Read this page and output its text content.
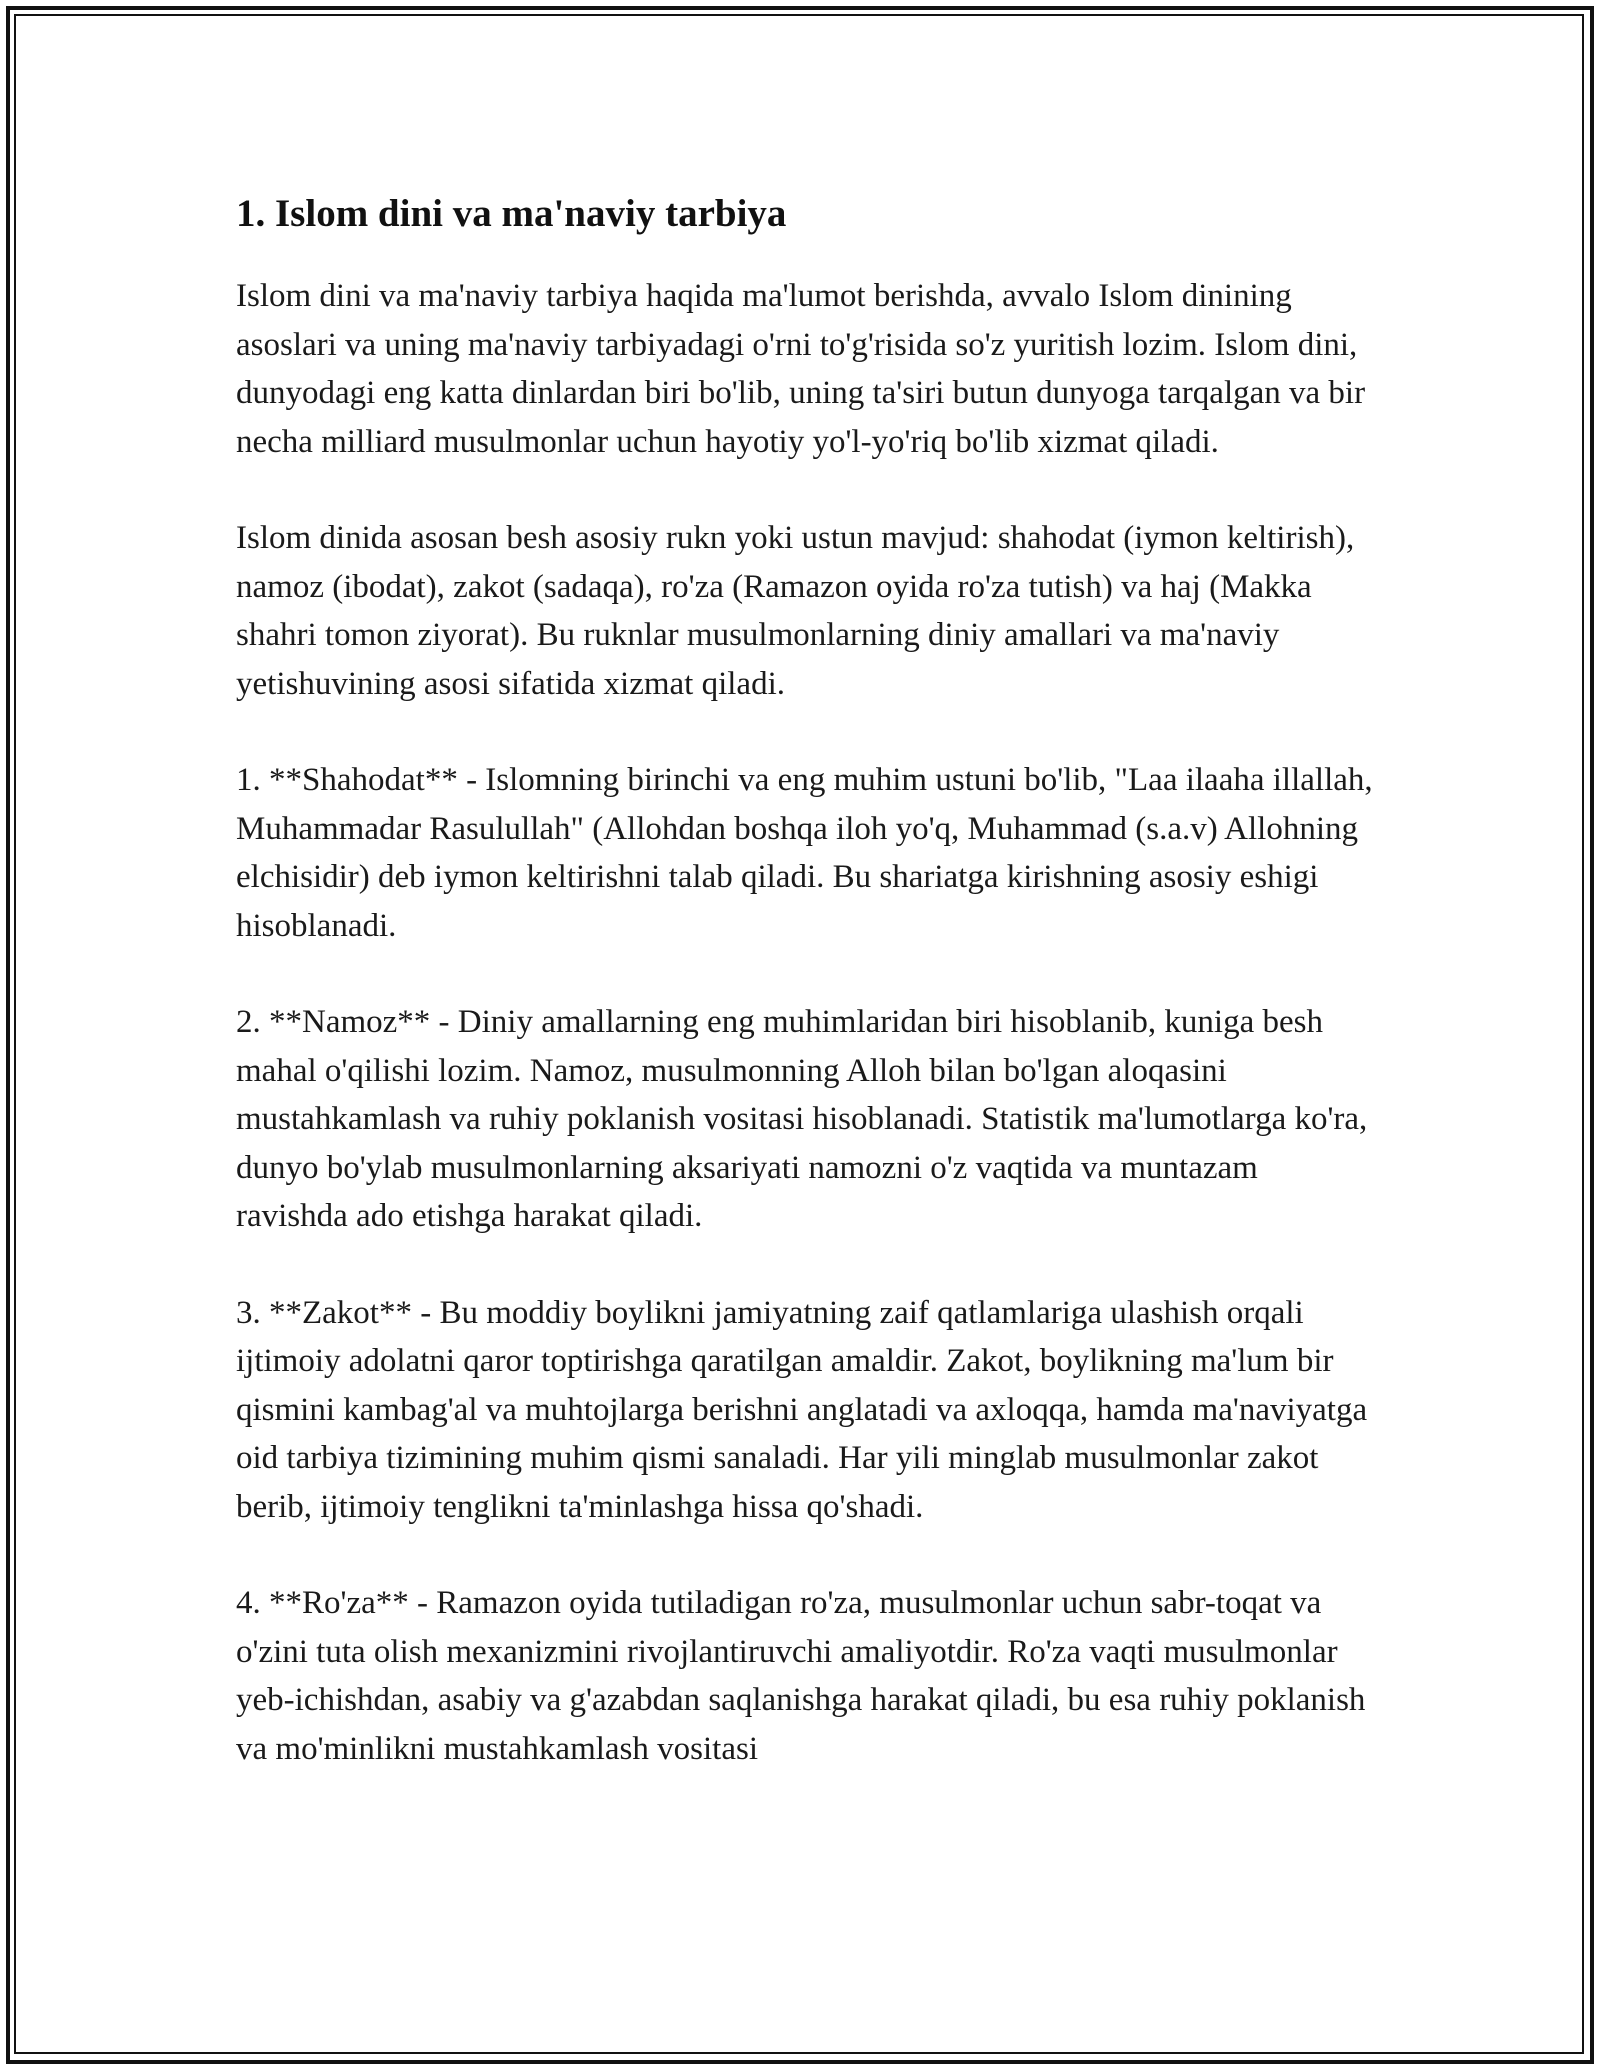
1. Islom dini va ma'naviy tarbiya

Islom dini va ma'naviy tarbiya haqida ma'lumot berishda, avvalo Islom dinining asoslari va uning ma'naviy tarbiyadagi o'rni to'g'risida so'z yuritish lozim. Islom dini, dunyodagi eng katta dinlardan biri bo'lib, uning ta'siri butun dunyoga tarqalgan va bir necha milliard musulmonlar uchun hayotiy yo'l-yo'riq bo'lib xizmat qiladi.

Islom dinida asosan besh asosiy rukn yoki ustun mavjud: shahodat (iymon keltirish), namoz (ibodat), zakot (sadaqa), ro'za (Ramazon oyida ro'za tutish) va haj (Makka shahri tomon ziyorat). Bu ruknlar musulmonlarning diniy amallari va ma'naviy yetishuvining asosi sifatida xizmat qiladi.

1. **Shahodat** - Islomning birinchi va eng muhim ustuni bo'lib, "Laa ilaaha illallah, Muhammadar Rasulullah" (Allohdan boshqa iloh yo'q, Muhammad (s.a.v) Allohning elchisidir) deb iymon keltirishni talab qiladi. Bu shariatga kirishning asosiy eshigi hisoblanadi.

2. **Namoz** - Diniy amallarning eng muhimlaridan biri hisoblanib, kuniga besh mahal o'qilishi lozim. Namoz, musulmonning Alloh bilan bo'lgan aloqasini mustahkamlash va ruhiy poklanish vositasi hisoblanadi. Statistik ma'lumotlarga ko'ra, dunyo bo'ylab musulmonlarning aksariyati namozni o'z vaqtida va muntazam ravishda ado etishga harakat qiladi.

3. **Zakot** - Bu moddiy boylikni jamiyatning zaif qatlamlariga ulashish orqali ijtimoiy adolatni qaror toptirishga qaratilgan amaldir. Zakot, boylikning ma'lum bir qismini kambag'al va muhtojlarga berishni anglatadi va axloqqa, hamda ma'naviyatga oid tarbiya tizimining muhim qismi sanaladi. Har yili minglab musulmonlar zakot berib, ijtimoiy tenglikni ta'minlashga hissa qo'shadi.

4. **Ro'za** - Ramazon oyida tutiladigan ro'za, musulmonlar uchun sabr-toqat va o'zini tuta olish mexanizmini rivojlantiruvchi amaliyotdir. Ro'za vaqti musulmonlar yeb-ichishdan, asabiy va g'azabdan saqlanishga harakat qiladi, bu esa ruhiy poklanish va mo'minlikni mustahkamlash vositasi
